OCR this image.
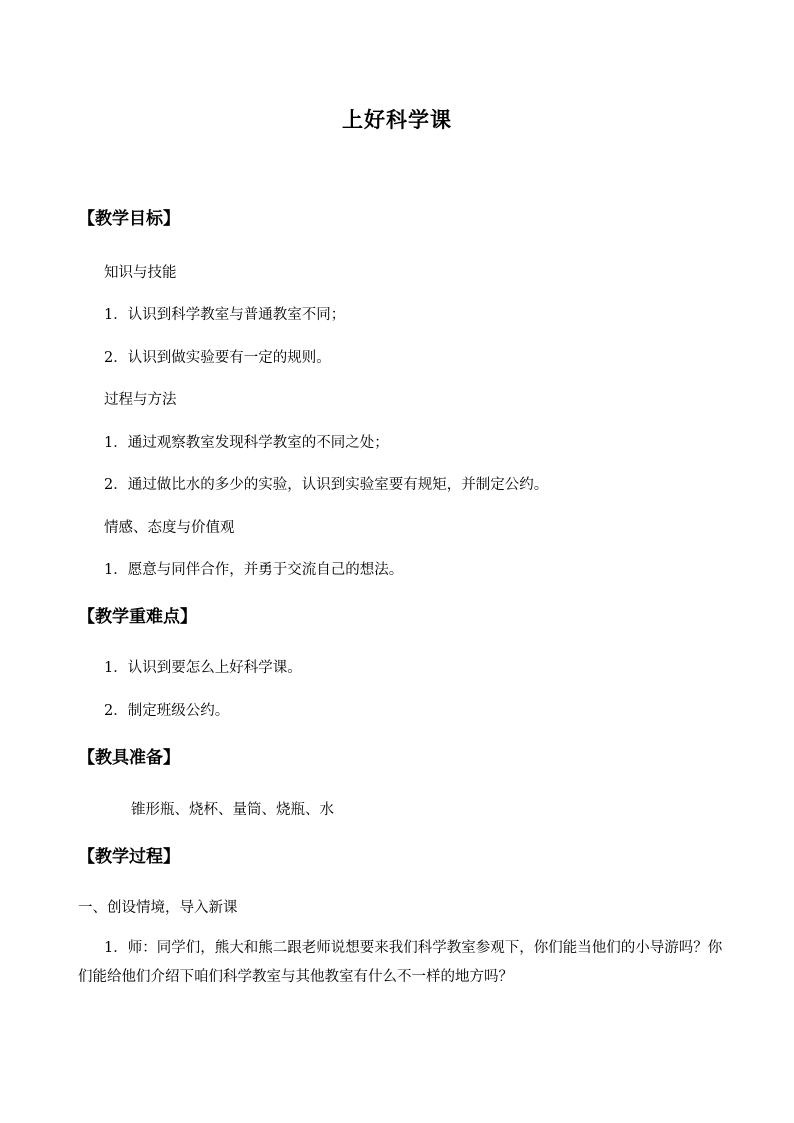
上好科学课
【教学目标】
知识与技能
1．认识到科学教室与普通教室不同；
2．认识到做实验要有一定的规则。
过程与方法
1．通过观察教室发现科学教室的不同之处；
2．通过做比水的多少的实验，认识到实验室要有规矩，并制定公约。
情感、态度与价值观
1．愿意与同伴合作，并勇于交流自己的想法。
【教学重难点】
1．认识到要怎么上好科学课。
2．制定班级公约。
【教具准备】
锥形瓶、烧杯、量筒、烧瓶、水
【教学过程】
一、创设情境，导入新课
1．师：同学们，熊大和熊二跟老师说想要来我们科学教室参观下，你们能当他们的小导游吗？你们能给他们介绍下咱们科学教室与其他教室有什么不一样的地方吗？
